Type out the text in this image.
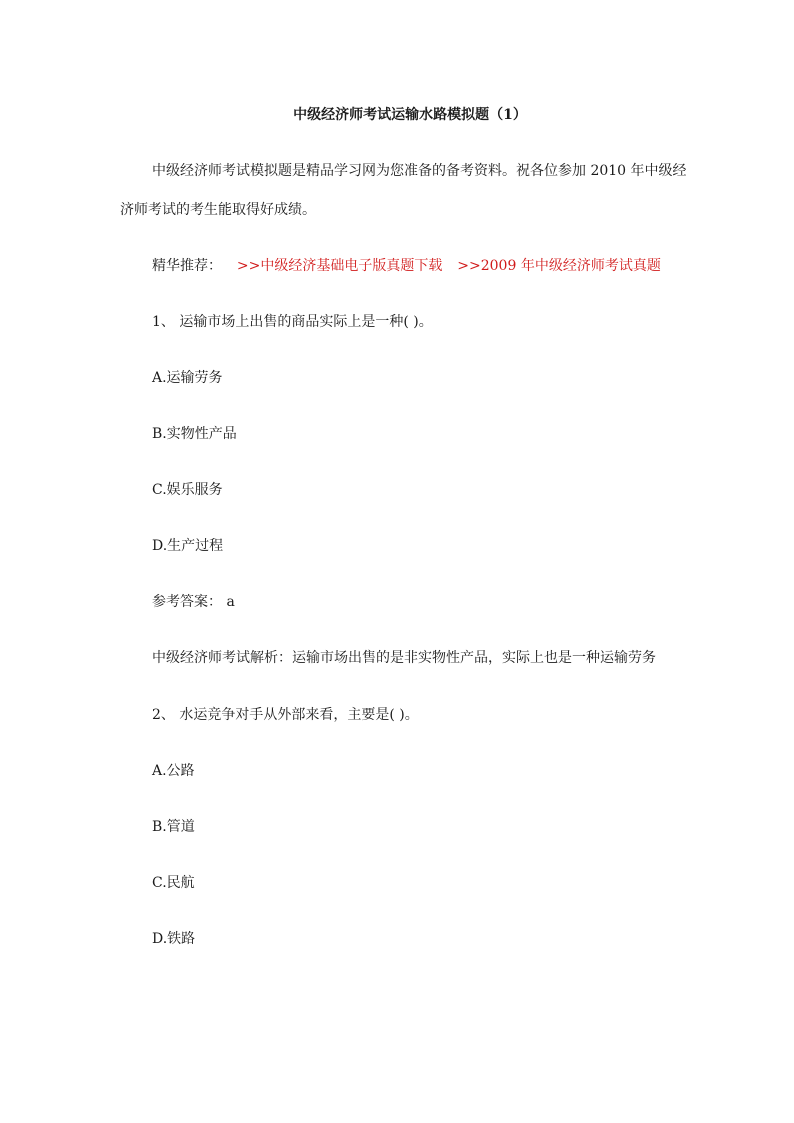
中级经济师考试运输水路模拟题（1）
中级经济师考试模拟题是精品学习网为您准备的备考资料。祝各位参加 2010 年中级经
济师考试的考生能取得好成绩。
精华推荐： >>中级经济基础电子版真题下载 >>2009 年中级经济师考试真题
1、 运输市场上出售的商品实际上是一种( )。
A.运输劳务
B.实物性产品
C.娱乐服务
D.生产过程
参考答案： a
中级经济师考试解析：运输市场出售的是非实物性产品，实际上也是一种运输劳务
2、 水运竞争对手从外部来看，主要是( )。
A.公路
B.管道
C.民航
D.铁路
